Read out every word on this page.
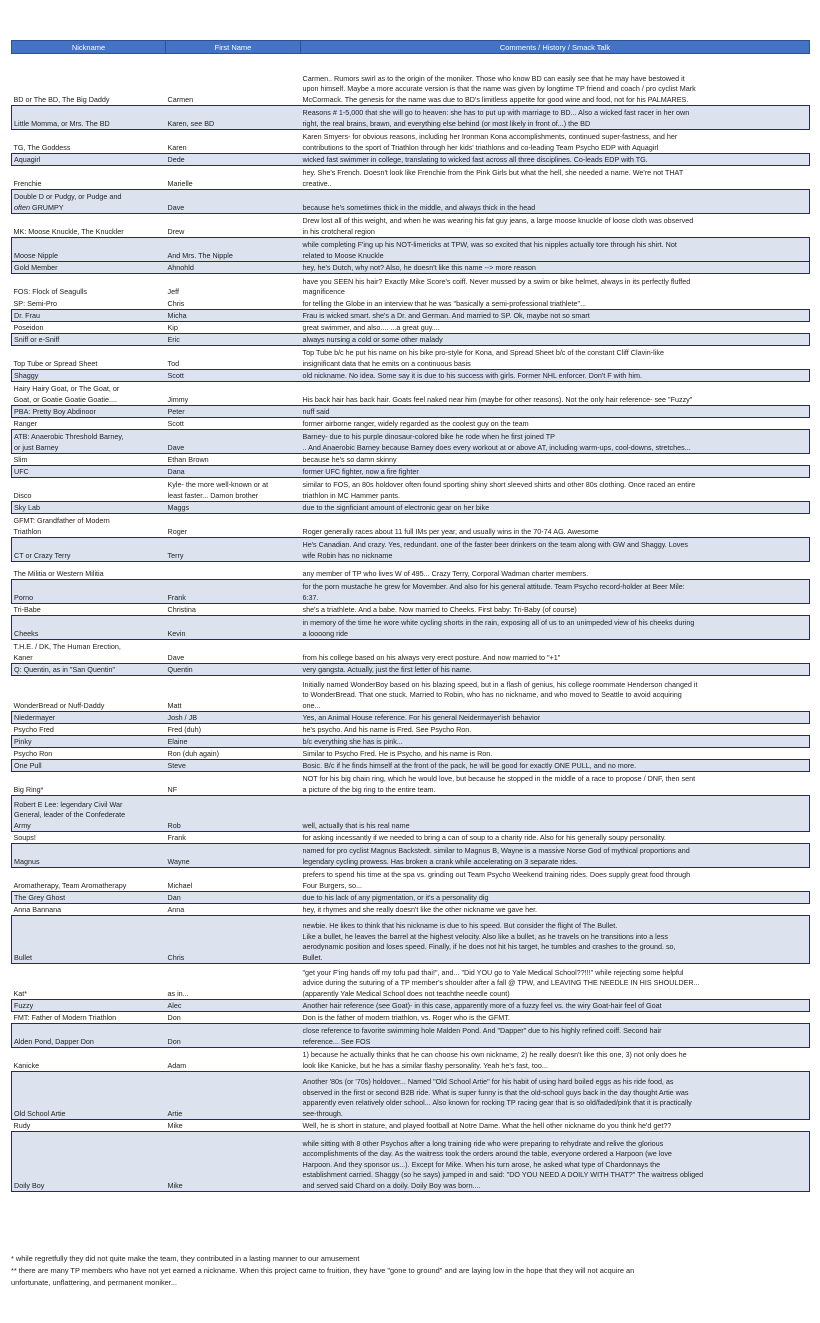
Nickname	First Name	Comments / History / Smack Talk

BD or The BD, The Big Daddy	Carmen	Carmen.. Rumors swirl as to the origin of the moniker. Those who know BD can easily see that he may have bestowed it
upon himself. Maybe a more accurate version is that the name was given by longtime TP friend and coach / pro cyclist Mark
McCormack. The genesis for the name was due to BD's limitless appetite for good wine and food, not for his PALMARES.

Little Momma, or Mrs. The BD	Karen, see BD	Reasons # 1-5,000 that she will go to heaven: she has to put up with marriage to BD... Also a wicked fast racer in her own
right, the real brains, brawn, and everything else behind (or most likely in front of...) the BD

TG, The Goddess	Karen	Karen Smyers- for obvious reasons, including her Ironman Kona accomplishments, continued super-fastness, and her
contributions to the sport of Triathlon through her kids' triathlons and co-leading Team Psycho EDP with Aquagirl

Aquagirl	Dede	wicked fast swimmer in college, translating to wicked fast across all three disciplines. Co-leads EDP with TG.

Frenchie	Marielle	hey. She's French. Doesn't look like Frenchie from the Pink Girls but what the hell, she needed a name. We're not THAT
creative..

Double D or Pudgy, or Pudge and
often GRUMPY	Dave	because he's sometimes thick in the middle, and always thick in the head

MK: Moose Knuckle, The Knuckler	Drew	Drew lost all of this weight, and when he was wearing his fat guy jeans, a large moose knuckle of loose cloth was observed
in his crotcheral region

Moose Nipple	And Mrs. The Nipple	while completing F'ing up his NOT-limericks at TPW, was so excited that his nipples actually tore through his shirt. Not
related to Moose Knuckle

Gold Member	Ahnohld	hey, he's Dutch, why not? Also, he doesn't like this name --> more reason

FOS: Flock of Seagulls	Jeff	have you SEEN his hair? Exactly Mike Score's coiff. Never mussed by a swim or bike helmet, always in its perfectly fluffed
magnificence

SP: Semi-Pro	Chris	for telling the Globe in an interview that he was "basically a semi-professional triathlete"...

Dr. Frau	Micha	Frau is wicked smart. she's a Dr. and German. And married to SP. Ok, maybe not so smart

Poseidon	Kip	great swimmer, and also.... ...a great guy....

Sniff or e-Sniff	Eric	always nursing a cold or some other malady

Top Tube or Spread Sheet	Tod	Top Tube b/c he put his name on his bike pro-style for Kona, and Spread Sheet b/c of the constant Cliff Clavin-like
insignificant data that he emits on a continuous basis

Shaggy	Scott	old nickname. No idea. Some say it is due to his success with girls. Former NHL enforcer. Don't F with him.

Hairy Hairy Goat, or The Goat, or
Goat, or Goatie Goatie Goatie....	Jimmy	His back hair has back hair. Goats feel naked near him (maybe for other reasons). Not the only hair reference- see "Fuzzy"

PBA: Pretty Boy Abdinoor	Peter	nuff said

Ranger	Scott	former airborne ranger, widely regarded as the coolest guy on the team

ATB: Anaerobic Threshold Barney,
or just Barney	Dave	Barney- due to his purple dinosaur-colored bike he rode when he first joined TP
.. And Anaerobic Barney because Barney does every workout at or above AT, including warm-ups, cool-downs, stretches...

Slim	Ethan Brown	because he's so damn skinny

UFC	Dana	former UFC fighter, now a fire fighter

Disco	Kyle- the more well-known or at
least faster... Damon brother	similar to FOS, an 80s holdover often found sporting shiny short sleeved shirts and other 80s clothing. Once raced an entire
triathlon in MC Hammer pants.

Sky Lab	Maggs	due to the signficiant amount of electronic gear on her bike

GFMT: Grandfather of Modern
Triathlon	Roger	Roger generally races about 11 full IMs per year, and usually wins in the 70-74 AG. Awesome

CT or Crazy Terry	Terry	He's Canadian. And crazy. Yes, redundant. one of the faster beer drinkers on the team along with GW and Shaggy. Loves
wife Robin has no nickname

The Militia or Western Militia		any member of TP who lives W of 495... Crazy Terry, Corporal Wadman charter members.

Porno	Frank	for the porn mustache he grew for Movember. And also for his general attitude. Team Psycho record-holder at Beer Mile:
6:37.

Tri-Babe	Christina	she's a triathlete. And a babe. Now married to Cheeks. First baby: Tri-Baby (of course)

Cheeks	Kevin	in memory of the time he wore white cycling shorts in the rain, exposing all of us to an unimpeded view of his cheeks during
a loooong ride

T.H.E. / DK, The Human Erection,
Kaner	Dave	from his college based on his always very erect posture. And now married to "+1"

Q: Quentin, as in "San Quentin"	Quentin	very gangsta. Actually, just the first letter of his name.

WonderBread or Nuff-Daddy	Matt	Initially named WonderBoy based on his blazing speed, but in a flash of genius, his college roommate Henderson changed it
to WonderBread. That one stuck. Married to Robin, who has no nickname, and who moved to Seattle to avoid acquiring
one...

Niedermayer	Josh / JB	Yes, an Animal House reference. For his general Neidermayer'ish behavior

Psycho Fred	Fred (duh)	he's psycho. And his name is Fred. See Psycho Ron.

Pinky	Elaine	b/c everything she has is pink...

Psycho Ron	Ron (duh again)	Similar to Psycho Fred. He is Psycho, and his name is Ron.

One Pull	Steve	Bosic. B/c if he finds himself at the front of the pack, he will be good for exactly ONE PULL, and no more.

Big Ring*	NF	NOT for his big chain ring, which he would love, but because he stopped in the middle of a race to propose / DNF, then sent
a picture of the big ring to the entire team.

Robert E Lee: legendary Civil War
General, leader of the Confederate
Army	Rob	well, actually that is his real name

Soups!	Frank	for asking incessantly if we needed to bring a can of soup to a charity ride. Also for his generally soupy personality.

Magnus	Wayne	named for pro cyclist Magnus Backstedt. similar to Magnus B, Wayne is a massive Norse God of mythical proportions and
legendary cycling prowess. Has broken a crank while accelerating on 3 separate rides.

Aromatherapy, Team Aromatherapy	Michael	prefers to spend his time at the spa vs. grinding out Team Psycho Weekend training rides. Does supply great food through
Four Burgers, so...

The Grey Ghost	Dan	due to his lack of any pigmentation, or it's a personality dig

Anna Bannana	Anna	hey, it rhymes and she really doesn't like the other nickname we gave her.

Bullet	Chris	newbie. He likes to think that his nickname is due to his speed. But consider the flight of The Bullet.
Like a bullet, he leaves the barrel at the highest velocity. Also like a bullet, as he travels on he transitions into a less
aerodynamic position and loses speed. Finally, if he does not hit his target, he tumbles and crashes to the ground. so,
Bullet.

Kat*	as in...	"get your F'ing hands off my tofu pad thai!", and... "Did YOU go to Yale Medical School??!!!" while rejecting some helpful
advice during the suturing of a TP member's shoulder after a fall @ TPW, and LEAVING THE NEEDLE IN HIS SHOULDER...
(apparently Yale Medical School does not teachthe needle count)

Fuzzy	Alec	Another hair reference (see Goat)- in this case, apparently more of a fuzzy feel vs. the wiry Goat-hair feel of Goat

FMT: Father of Modern Triathlon	Don	Don is the father of modern triathlon, vs. Roger who is the GFMT.

Alden Pond, Dapper Don	Don	close reference to favorite swimming hole Malden Pond. And "Dapper" due to his highly refined coiff. Second hair
reference... See FOS

Kanicke	Adam	1) because he actually thinks that he can choose his own nickname, 2) he really doesn't like this one, 3) not only does he
look like Kanicke, but he has a similar flashy personality. Yeah he's fast, too...

Old School Artie	Artie	Another '80s (or '70s) holdover... Named "Old School Artie" for his habit of using hard boiled eggs as his ride food, as
observed in the first or second B2B ride. What is super funny is that the old-school guys back in the day thought Artie was
apparently even relatively older school... Also known for rocking TP racing gear that is so old/faded/pink that it is practically
see-through.

Rudy	Mike	Well, he is short in stature, and played football at Notre Dame. What the hell other nickname do you think he'd get??

Doily Boy	Mike	while sitting with 8 other Psychos after a long training ride who were preparing to rehydrate and relive the glorious
accomplishments of the day. As the waitress took the orders around the table, everyone ordered a Harpoon (we love
Harpoon. And they sponsor us...). Except for Mike. When his turn arose, he asked what type of Chardonnays the
establishment carried. Shaggy (so he says) jumped in and said: "DO YOU NEED A DOILY WITH THAT?" The waitress obliged
and served said Chard on a doily. Doily Boy was born....
* while regretfully they did not quite make the team, they contributed in a lasting manner to our amusement
** there are many TP members who have not yet earned a nickname. When this project came to fruition, they have "gone to ground" and are laying low in the hope that they will not acquire an
unfortunate, unflattering, and permanent moniker...
